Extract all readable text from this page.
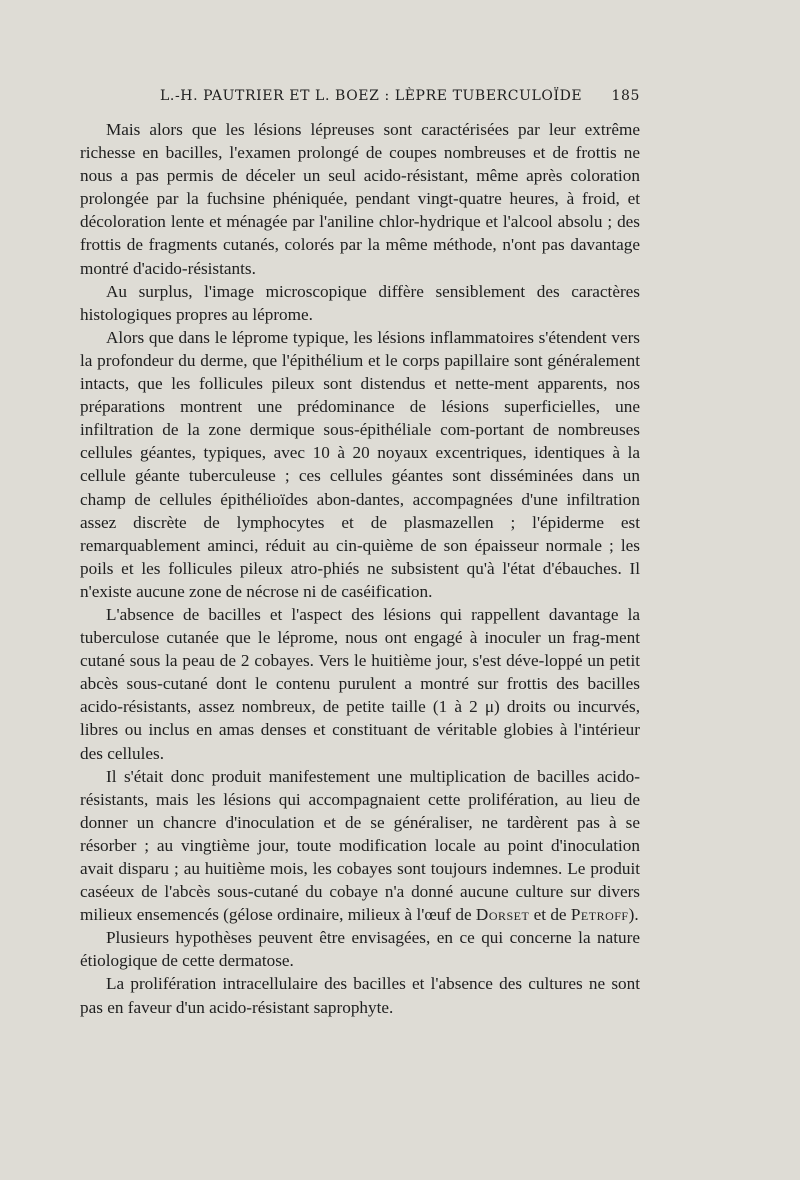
L.-H. PAUTRIER ET L. BOEZ : LÈPRE TUBERCULOÏDE 185

Mais alors que les lésions lépreuses sont caractérisées par leur extrême richesse en bacilles, l'examen prolongé de coupes nombreuses et de frottis ne nous a pas permis de déceler un seul acido-résistant, même après coloration prolongée par la fuchsine phéniquée, pendant vingt-quatre heures, à froid, et décoloration lente et ménagée par l'aniline chlor-hydrique et l'alcool absolu ; des frottis de fragments cutanés, colorés par la même méthode, n'ont pas davantage montré d'acido-résistants.

Au surplus, l'image microscopique diffère sensiblement des caractères histologiques propres au léprome.

Alors que dans le léprome typique, les lésions inflammatoires s'étendent vers la profondeur du derme, que l'épithélium et le corps papillaire sont généralement intacts, que les follicules pileux sont distendus et nette-ment apparents, nos préparations montrent une prédominance de lésions superficielles, une infiltration de la zone dermique sous-épithéliale com-portant de nombreuses cellules géantes, typiques, avec 10 à 20 noyaux excentriques, identiques à la cellule géante tuberculeuse ; ces cellules géantes sont disséminées dans un champ de cellules épithélioïdes abon-dantes, accompagnées d'une infiltration assez discrète de lymphocytes et de plasmazellen ; l'épiderme est remarquablement aminci, réduit au cin-quième de son épaisseur normale ; les poils et les follicules pileux atro-phiés ne subsistent qu'à l'état d'ébauches. Il n'existe aucune zone de nécrose ni de caséification.

L'absence de bacilles et l'aspect des lésions qui rappellent davantage la tuberculose cutanée que le léprome, nous ont engagé à inoculer un frag-ment cutané sous la peau de 2 cobayes. Vers le huitième jour, s'est déve-loppé un petit abcès sous-cutané dont le contenu purulent a montré sur frottis des bacilles acido-résistants, assez nombreux, de petite taille (1 à 2 μ) droits ou incurvés, libres ou inclus en amas denses et constituant de véritable globies à l'intérieur des cellules.

Il s'était donc produit manifestement une multiplication de bacilles acido-résistants, mais les lésions qui accompagnaient cette prolifération, au lieu de donner un chancre d'inoculation et de se généraliser, ne tardèrent pas à se résorber ; au vingtième jour, toute modification locale au point d'inoculation avait disparu ; au huitième mois, les cobayes sont toujours indemnes. Le produit caséeux de l'abcès sous-cutané du cobaye n'a donné aucune culture sur divers milieux ensemencés (gélose ordinaire, milieux à l'œuf de Dorset et de Petroff).

Plusieurs hypothèses peuvent être envisagées, en ce qui concerne la nature étiologique de cette dermatose.

La prolifération intracellulaire des bacilles et l'absence des cultures ne sont pas en faveur d'un acido-résistant saprophyte.
